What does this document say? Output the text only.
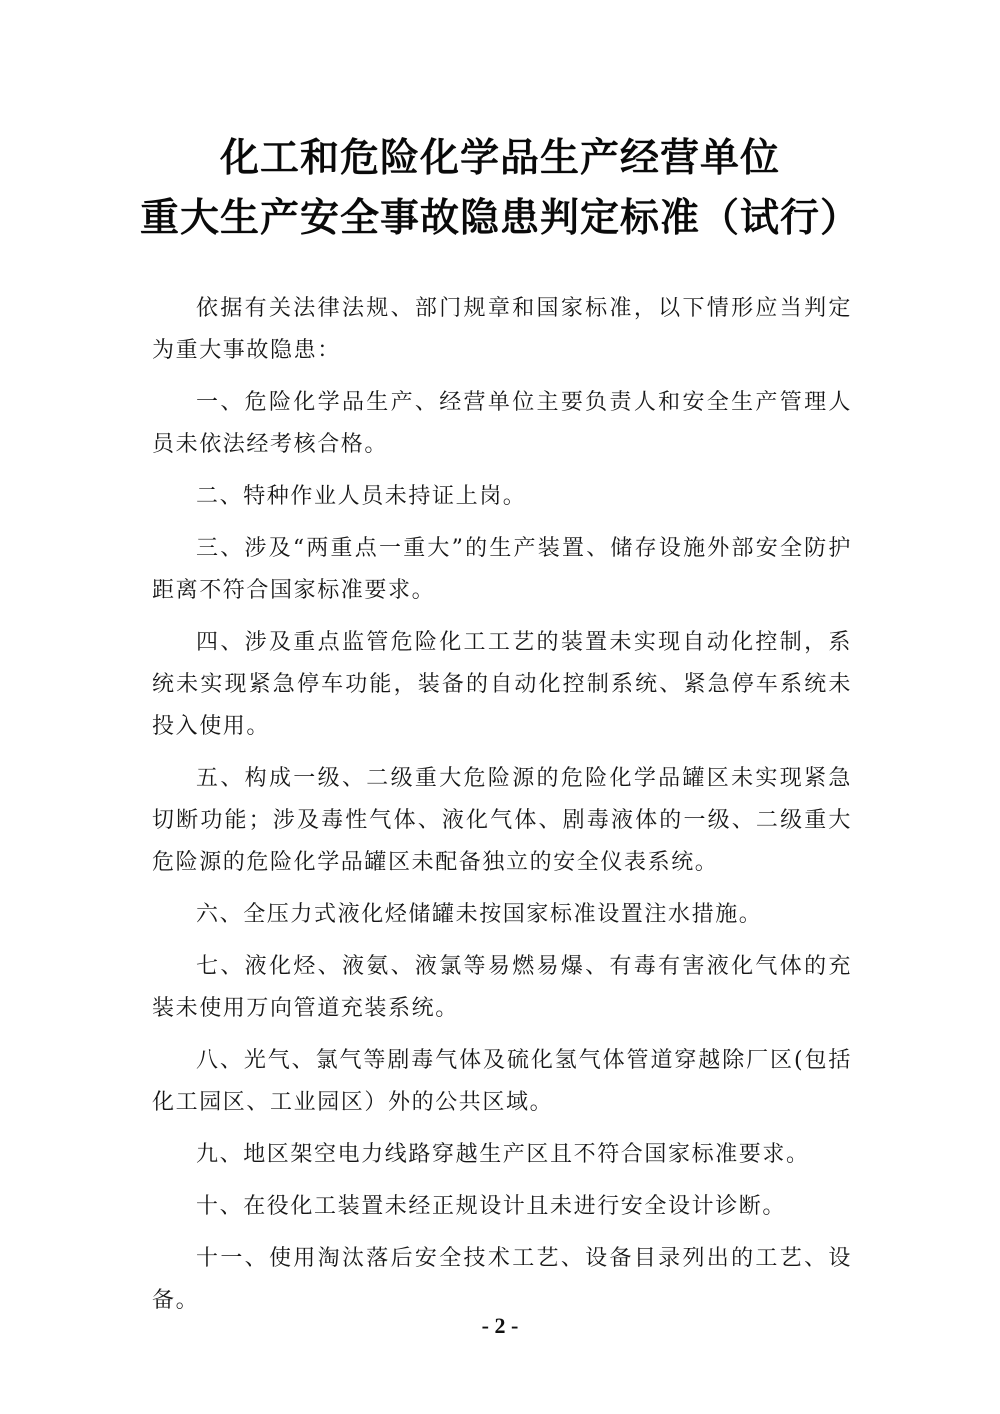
化工和危险化学品生产经营单位
重大生产安全事故隐患判定标准（试行）

依据有关法律法规、部门规章和国家标准，以下情形应当判定为重大事故隐患：

一、危险化学品生产、经营单位主要负责人和安全生产管理人员未依法经考核合格。

二、特种作业人员未持证上岗。

三、涉及“两重点一重大”的生产装置、储存设施外部安全防护距离不符合国家标准要求。

四、涉及重点监管危险化工工艺的装置未实现自动化控制，系统未实现紧急停车功能，装备的自动化控制系统、紧急停车系统未投入使用。

五、构成一级、二级重大危险源的危险化学品罐区未实现紧急切断功能；涉及毒性气体、液化气体、剧毒液体的一级、二级重大危险源的危险化学品罐区未配备独立的安全仪表系统。

六、全压力式液化烃储罐未按国家标准设置注水措施。

七、液化烃、液氨、液氯等易燃易爆、有毒有害液化气体的充装未使用万向管道充装系统。

八、光气、氯气等剧毒气体及硫化氢气体管道穿越除厂区(包括化工园区、工业园区）外的公共区域。

九、地区架空电力线路穿越生产区且不符合国家标准要求。

十、在役化工装置未经正规设计且未进行安全设计诊断。

十一、使用淘汰落后安全技术工艺、设备目录列出的工艺、设备。

- 2 -
